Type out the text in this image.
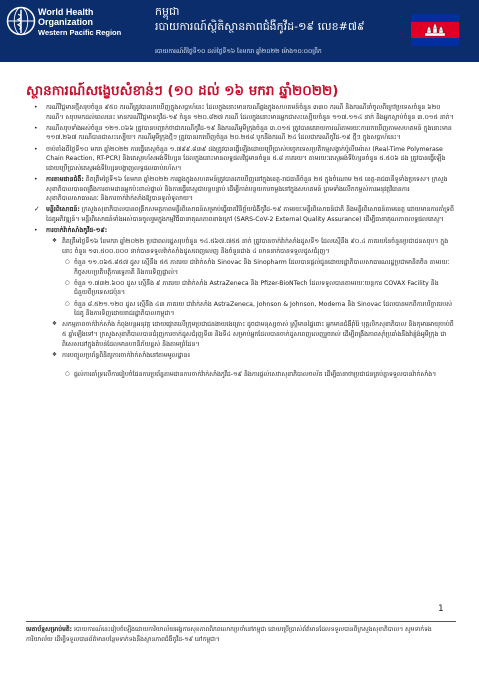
World Health
Organization
Western Pacific Region
កម្ពុជា
របាយការណ៍ស្ថិតិស្ថានភាពជំងឺកូវីដ-១៩ លេខ#៧៩
របាយការណ៍ពីថ្ងៃទី១០ ដល់ថ្ងៃទី១៦ ខែមករា ឆ្នាំ២០២២ ម៉ោង១០:០០ព្រឹក
ស្ថានការណ៍សង្ខេបសំខាន់ៗ (១០ ដល់ ១៦ មករា ឆ្នាំ២០២២)
• ករណីវិជ្ជមានថ្មីសរុបចំនួន ៩៥០ ករណីត្រូវបានរកឃើញក្នុងសប្តាហ៍នេះ ដែលក្នុងនោះមានករណីឆ្លងក្នុងសហគមន៍ចំនួន ៣៣០ ករណី និងករណីនាំចូលពីក្រៅប្រទេសចំនួន ៦២០ ករណី។ សរុបមកដល់ពេលនេះ មានករណីវិជ្ជមានកូវីដ-១៩ ចំនួន ១២០.៨២៧ ករណី ដែលក្នុងនោះមានអ្នកជាសះស្បើយចំនួន ១១៧.១១៤ នាក់ និងអ្នកស្លាប់ចំនួន ៣.០១៥ នាក់។
• ករណីសរុបទាំងអស់ចំនួន ១២១.០៦៦ ត្រូវបានបញ្ជាក់ថាជាករណីកូវីដ-១៩ និងករណីអូមីក្រុងចំនួន ៣.០១៥ ត្រូវបានគេរាយការណ៍តាមរយៈការរកឃើញតាមសហគមន៍ ក្នុងនោះមាន ១១៧.២៦៧ ករណីបានជាសះស្បើយ។ ករណីអូមីក្រុងថ្មីៗ ត្រូវបានរកឃើញចំនួន ២០.២៥៨ បូកនឹងករណី ២៤ ដែលជាករណីកូវីដ-១៩ ថ្មីៗ ក្នុងសប្តាហ៍នេះ។
• ចាប់តាំងពីថ្ងៃទី១០ មករា ឆ្នាំ២០២២ ការធ្វើតេស្តចំនួន ១.៧៩៩.៨៣៩ ដងត្រូវបានធ្វើឡើងដោយប្រើប្រាស់បច្ចេកទេសប្រតិកម្មសង្វាក់ប៉ូលីមេរ៉ាស (Real-Time Polymerase Chain Reaction, RT-PCR) និងតេស្តរហ័សអង់ទីហ្សែន ដែលក្នុងនោះមានលទ្ធផលវិជ្ជមានចំនួន ៥.៨ ភាគរយ។ តាមរយៈតេស្តអង់ទីហ្សែនចំនួន ៥.៥០៦ ដង ត្រូវបានធ្វើឡើងដោយប្រើប្រាស់តេស្តអង់ទីហ្សែនបង្ហាញលទ្ធផលឆាប់រហ័ស។
• ការតាមដានជំងឺ: គិតត្រឹមថ្ងៃទី១៦ ខែមករា ឆ្នាំ២០២២ ការឆ្លងក្នុងសហគមន៍ត្រូវបានរកឃើញនៅក្នុងខេត្ត-រាជធានីចំនួន ២៥ ក្នុងចំណោម ២៥ ខេត្ត-រាជធានីទូទាំងប្រទេស។ ក្រសួងសុខាភិបាលបានពង្រឹងការតាមដានអ្នកប៉ះពាល់ផ្ទាល់ និងការធ្វើតេស្តជាបន្តបន្ទាប់ ដើម្បីកាត់បន្ថយការចម្លងនៅក្នុងសហគមន៍ ព្រមទាំងលើកកម្ពស់ការអនុវត្តវិធានការសុខាភិបាលសាធារណៈ និងការចាក់វ៉ាក់សាំងឱ្យបានទូលំទូលាយ។
✓ មន្ទីរពិសោធន៍: ក្រសួងសុខាភិបាលបានពង្រីកសមត្ថភាពមន្ទីរពិសោធន៍សម្រាប់ធ្វើរោគវិនិច្ឆ័យជំងឺកូវីដ-១៩ តាមរយៈមន្ទីរពិសោធន៍ជាតិ និងមន្ទីរពិសោធន៍តាមខេត្ត ដោយមានការគាំទ្រពីដៃគូអភិវឌ្ឍន៍។ មន្ទីរពិសោធន៍ទាំងអស់បានចូលរួមក្នុងកម្មវិធីធានាគុណភាពខាងក្រៅ (SARS-CoV-2 External Quality Assurance) ដើម្បីធានាគុណភាពលទ្ធផលតេស្ត។
• ការចាក់វ៉ាក់សាំងកូវីដ-១៩:
❖ គិតត្រឹមថ្ងៃទី១៦ ខែមករា ឆ្នាំ២០២២ ប្រជាពលរដ្ឋសរុបចំនួន ១៤.៥៦៧.៧៥៥ នាក់ ត្រូវបានចាក់វ៉ាក់សាំងដូសទី១ ដែលស្មើនឹង ៩០.៤ ភាគរយនៃចំនួនប្រជាជនសរុប។ ក្នុងនោះ ចំនួន ១៣.៥០០.០០០ នាក់បានទទួលវ៉ាក់សាំងដូសពេញលេញ និងចំនួនជាង ៤ លាននាក់បានទទួលដូសជំរុញ។
○ ចំនួន ១១.០៦៥.៨៥៧ ដូស ស្មើនឹង ៥៥ ភាគរយ ជាវ៉ាក់សាំង Sinovac និង Sinopharm ដែលបានផ្តល់ជូនដោយរដ្ឋាភិបាលសាធារណរដ្ឋប្រជាមានិតចិន តាមរយៈកិច្ចសហប្រតិបត្តិការទ្វេភាគី និងការទិញផ្ទាល់។
○ ចំនួន ១.៧៣២.៦០០ ដូស ស្មើនឹង ៩ ភាគរយ ជាវ៉ាក់សាំង AstraZeneca និង Pfizer-BioNTech ដែលទទួលបានតាមរយៈយន្តការ COVAX Facility និងជំនួយពីប្រទេសជប៉ុន។
○ ចំនួន ៨.៥២១.១២០ ដូស ស្មើនឹង ៤៣ ភាគរយ ជាវ៉ាក់សាំង AstraZeneca, Johnson & Johnson, Moderna និង Sinovac ដែលបានមកពីការបរិច្ចាគរបស់ដៃគូ និងការទិញដោយរាជរដ្ឋាភិបាលកម្ពុជា។
❖ សកម្មភាពចាក់វ៉ាក់សាំង កំពុងបន្តអនុវត្ត ដោយផ្តោតលើក្រុមប្រជាជនងាយរងគ្រោះ ដូចជាមនុស្សចាស់ ស្ត្រីមានផ្ទៃពោះ អ្នកមានជំងឺរ៉ាំរ៉ៃ បុគ្គលិកសុខាភិបាល និងកុមារអាយុចាប់ពី ៥ ឆ្នាំឡើងទៅ។ ក្រសួងសុខាភិបាលបានជំរុញការចាក់ដូសជំរុញទី៣ និងទី៤ សម្រាប់អ្នកដែលបានចាក់ដូសពេញលេញរួចរាល់ ដើម្បីពង្រឹងភាពស៊ាំប្រឆាំងនឹងវ៉ារ្យ៉ង់អូមីក្រុង ជាពិសេសនៅក្នុងតំបន់ដែលមានហានិភ័យខ្ពស់ និងតាមព្រំដែន។
❖ ការបញ្ចូលប្រព័ន្ធពិនិត្យការចាក់វ៉ាក់សាំងនៅតាមមូលដ្ឋាន៖
○ ផ្តល់ការគាំទ្រលើការរៀបចំផែនការប្រព័ន្ធតាមដានការចាក់វ៉ាក់សាំងកូវីដ-១៩ និងការផ្តល់សេវាសុខាភិបាលចល័ត ដើម្បីធានាថាប្រជាជនគ្រប់គ្នាទទួលបានវ៉ាក់សាំង។
1
មេតាប័ទ្មសម្រាប់មតិ: របាយការណ៍នេះរៀបចំឡើងដោយការិយាល័យអង្គការសុខភាពពិភពលោកប្រចាំនៅកម្ពុជា ដោយប្រើប្រាស់ព័ត៌មានដែលទទួលបានពីក្រសួងសុខាភិបាល។ សូមទាក់ទងការិយាល័យ ដើម្បីទទួលបានព័ត៌មានបន្ថែមទាក់ទងនឹងស្ថានភាពជំងឺកូវីដ-១៩ នៅកម្ពុជា។
